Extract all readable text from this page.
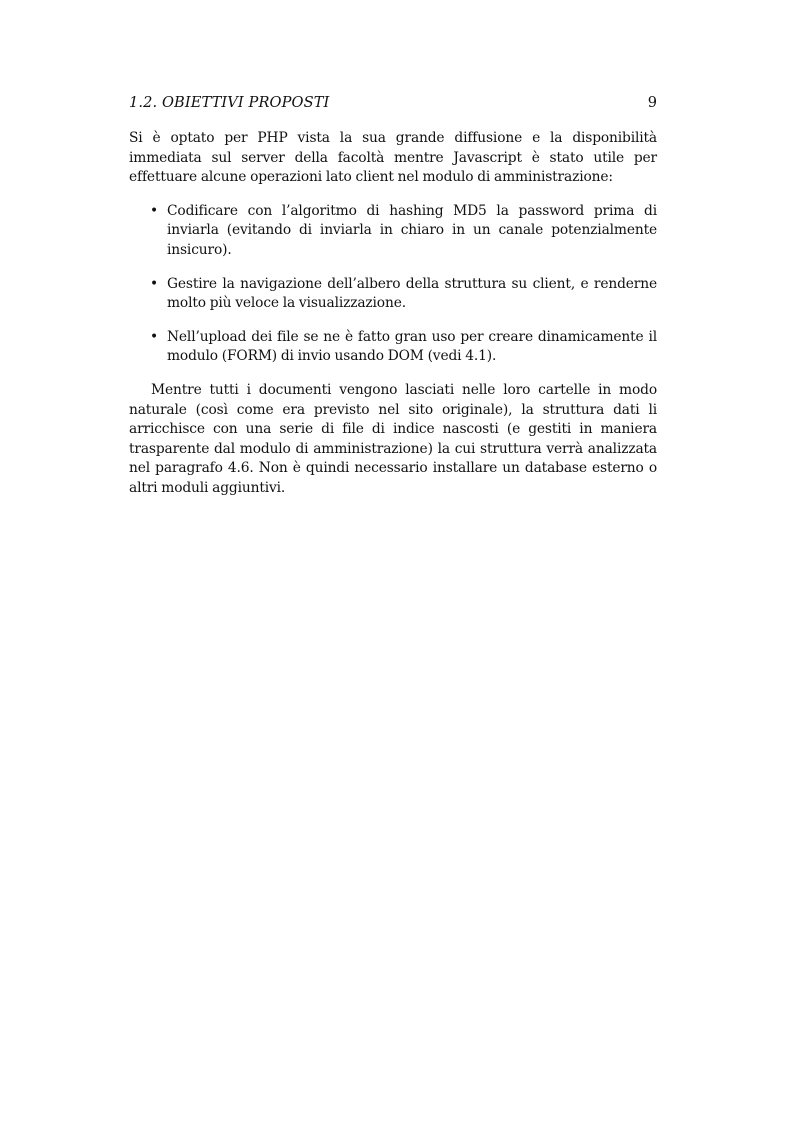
1.2. OBIETTIVI PROPOSTI	9

Si è optato per PHP vista la sua grande diffusione e la disponibilità immediata sul server della facoltà mentre Javascript è stato utile per effettuare alcune operazioni lato client nel modulo di amministrazione:

• Codificare con l’algoritmo di hashing MD5 la password prima di inviarla (evitando di inviarla in chiaro in un canale potenzialmente insicuro).

• Gestire la navigazione dell’albero della struttura su client, e renderne molto più veloce la visualizzazione.

• Nell’upload dei file se ne è fatto gran uso per creare dinamicamente il modulo (FORM) di invio usando DOM (vedi 4.1).

Mentre tutti i documenti vengono lasciati nelle loro cartelle in modo naturale (così come era previsto nel sito originale), la struttura dati li arricchisce con una serie di file di indice nascosti (e gestiti in maniera trasparente dal modulo di amministrazione) la cui struttura verrà analizzata nel paragrafo 4.6. Non è quindi necessario installare un database esterno o altri moduli aggiuntivi.
